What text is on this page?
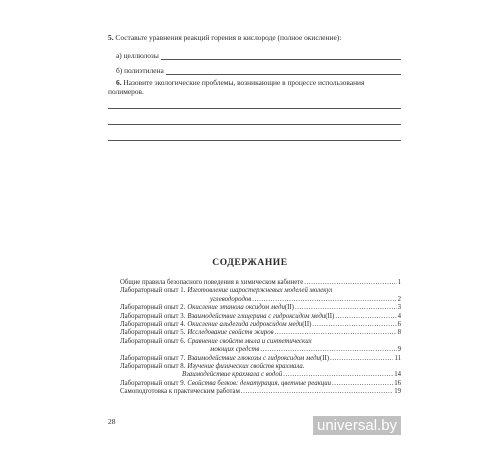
5. Составьте уравнения реакций горения в кислороде (полное окисление):
а) целлюлозы
б) полиэтилена
6. Назовите экологические проблемы, возникающие в процессе использования
полимеров.
СОДЕРЖАНИЕ
Общие правила безопасного поведения в химическом кабинете .....	1
Лабораторный опыт 1. Изготовление шаростержневых моделей молекул
углеводородов .....	2
Лабораторный опыт 2. Окисление этанола оксидом меди (II) .....	3
Лабораторный опыт 3. Взаимодействие глицерина с гидроксидом меди (II) .....	4
Лабораторный опыт 4. Окисление альдегида гидроксидом меди (II) .....	6
Лабораторный опыт 5. Исследование свойств жиров .....	8
Лабораторный опыт 6. Сравнение свойств мыла и синтетических
моющих средств .....	9
Лабораторный опыт 7. Взаимодействие глюкозы с гидроксидом меди (II) .....	11
Лабораторный опыт 8. Изучение физических свойств крахмала.
Взаимодействие крахмала с водой .....	14
Лабораторный опыт 9. Свойства белков: денатурация, цветные реакции .....	16
Самоподготовка к практическим работам .....	19
28	universal.by
